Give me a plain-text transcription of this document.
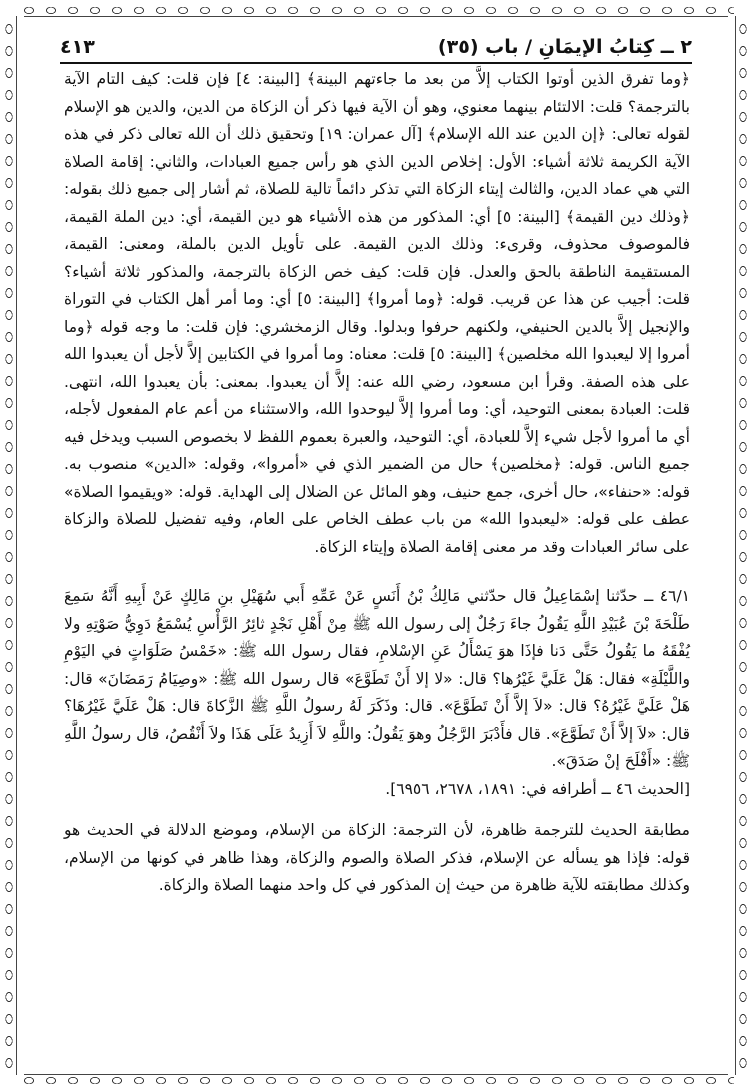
٢ ــ كِتابُ الإيمَانِ / باب (٣٥)
٤١٣

﴿وما تفرق الذين أوتوا الكتاب إلاَّ من بعد ما جاءتهم البينة﴾ [البينة: ٤] فإن قلت: كيف التام الآية بالترجمة؟ قلت: الالتئام بينهما معنوي، وهو أن الآية فيها ذكر أن الزكاة من الدين، والدين هو الإسلام لقوله تعالى: ﴿إن الدين عند الله الإسلام﴾ [آل عمران: ١٩] وتحقيق ذلك أن الله تعالى ذكر في هذه الآية الكريمة ثلاثة أشياء: الأول: إخلاص الدين الذي هو رأس جميع العبادات، والثاني: إقامة الصلاة التي هي عماد الدين، والثالث إيتاء الزكاة التي تذكر دائماً تالية للصلاة، ثم أشار إلى جميع ذلك بقوله: ﴿وذلك دين القيمة﴾ [البينة: ٥] أي: المذكور من هذه الأشياء هو دين القيمة، أي: دين الملة القيمة، فالموصوف محذوف، وقرىء: وذلك الدين القيمة. على تأويل الدين بالملة، ومعنى: القيمة، المستقيمة الناطقة بالحق والعدل. فإن قلت: كيف خص الزكاة بالترجمة، والمذكور ثلاثة أشياء؟ قلت: أجيب عن هذا عن قريب. قوله: ﴿وما أمروا﴾ [البينة: ٥] أي: وما أمر أهل الكتاب في التوراة والإنجيل إلاَّ بالدين الحنيفي، ولكنهم حرفوا وبدلوا. وقال الزمخشري: فإن قلت: ما وجه قوله ﴿وما أمروا إلا ليعبدوا الله مخلصين﴾ [البينة: ٥] قلت: معناه: وما أمروا في الكتابين إلاَّ لأجل أن يعبدوا الله على هذه الصفة. وقرأ ابن مسعود، رضي الله عنه: إلاَّ أن يعبدوا. بمعنى: بأن يعبدوا الله، انتهى. قلت: العبادة بمعنى التوحيد، أي: وما أمروا إلاَّ ليوحدوا الله، والاستثناء من أعم عام المفعول لأجله، أي ما أمروا لأجل شيء إلاَّ للعبادة، أي: التوحيد، والعبرة بعموم اللفظ لا بخصوص السبب ويدخل فيه جميع الناس. قوله: ﴿مخلصين﴾ حال من الضمير الذي في «أمروا»، وقوله: «الدين» منصوب به. قوله: «حنفاء»، حال أخرى، جمع حنيف، وهو المائل عن الضلال إلى الهداية. قوله: «ويقيموا الصلاة» عطف على قوله: «ليعبدوا الله» من باب عطف الخاص على العام، وفيه تفضيل للصلاة والزكاة على سائر العبادات وقد مر معنى إقامة الصلاة وإيتاء الزكاة.

٤٦/١ ــ حدّثنا إسْمَاعِيلُ قال حدّثني مَالِكُ بْنُ أَنَسٍ عَنْ عَمِّهِ أَبي سُهَيْلِ بنِ مَالِكٍ عَنْ أَبِيهِ أَنَّهُ سَمِعَ طَلْحَةَ بْنَ عُبَيْدِ اللَّهِ يَقُولُ جاءَ رَجُلٌ إلى رسول الله ﷺ مِنْ أَهْلِ نَجْدٍ ثائِرُ الرَّأْسِ يُسْمَعُ دَوِيُّ صَوْتِهِ ولا يُفْقَهُ ما يَقُولُ حَتَّى دَنا فإذَا هوَ يَسْأَلُ عَنِ الإسْلامِ، فقال رسول الله ﷺ: «خَمْسُ صَلَوَاتٍ في اليَوْمِ واللَّيْلَةِ» فقال: هَلْ عَلَيَّ غَيْرُها؟ قال: «لا إلا أَنْ تَطَوَّعَ» قال رسول الله ﷺ: «وصِيَامُ رَمَضَانَ» قال: هَلْ عَلَيَّ غَيْرُهُ؟ قال: «لاَ إلاَّ أَنْ تَطَوَّعَ». قال: وذَكَرَ لَهُ رسولُ اللَّهِ ﷺ الزَّكاةَ قال: هَلْ عَلَيَّ غَيْرُهَا؟ قال: «لاَ إلاَّ أَنْ تَطَوَّعَ». قال فأَدْبَرَ الرَّجُلُ وهوَ يَقُولُ: واللَّهِ لاَ أَزِيدُ عَلَى هَذَا ولاَ أَنْقُصُ، قال رسولُ اللَّهِ ﷺ: «أَفْلَحَ إنْ صَدَقَ».

[الحديث ٤٦ ــ أطرافه في: ١٨٩١، ٢٦٧٨، ٦٩٥٦].

مطابقة الحديث للترجمة ظاهرة، لأن الترجمة: الزكاة من الإسلام، وموضع الدلالة في الحديث هو قوله: فإذا هو يسأله عن الإسلام، فذكر الصلاة والصوم والزكاة، وهذا ظاهر في كونها من الإسلام، وكذلك مطابقته للآية ظاهرة من حيث إن المذكور في كل واحد منهما الصلاة والزكاة.
